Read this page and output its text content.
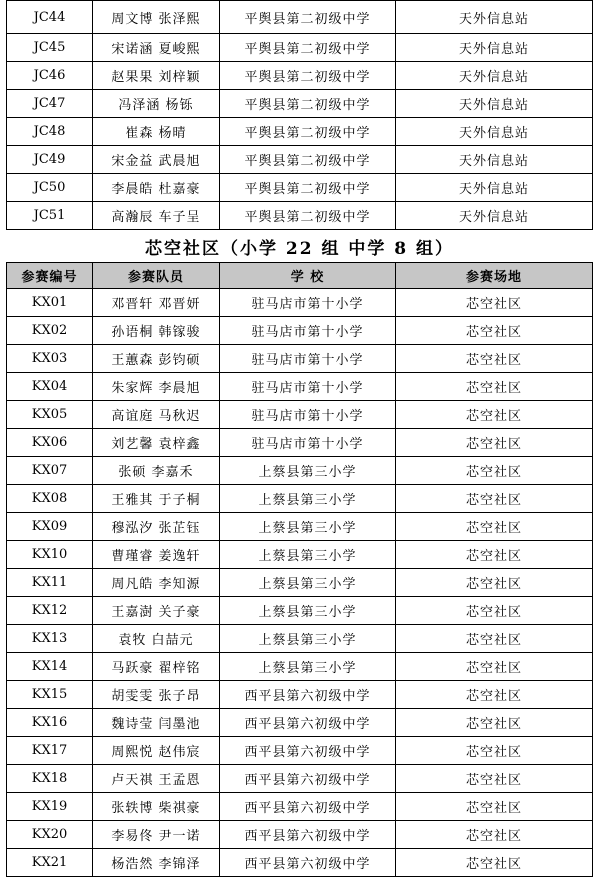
JC44	周文博 张泽熙	平舆县第二初级中学	天外信息站
JC45	宋诺涵 夏峻熙	平舆县第二初级中学	天外信息站
JC46	赵果果 刘梓颖	平舆县第二初级中学	天外信息站
JC47	冯泽涵 杨铄	平舆县第二初级中学	天外信息站
JC48	崔森 杨晴	平舆县第二初级中学	天外信息站
JC49	宋金益 武晨旭	平舆县第二初级中学	天外信息站
JC50	李晨皓 杜嘉豪	平舆县第二初级中学	天外信息站
JC51	高瀚辰 车子呈	平舆县第二初级中学	天外信息站
芯空社区（小学 22 组 中学 8 组）			
参赛编号	参赛队员	学 校	参赛场地
KX01	邓晋轩 邓晋妍	驻马店市第十小学	芯空社区
KX02	孙语桐 韩镓骏	驻马店市第十小学	芯空社区
KX03	王蕙森 彭钧硕	驻马店市第十小学	芯空社区
KX04	朱家辉 李晨旭	驻马店市第十小学	芯空社区
KX05	高谊庭 马秋迟	驻马店市第十小学	芯空社区
KX06	刘艺馨 袁梓鑫	驻马店市第十小学	芯空社区
KX07	张硕 李嘉禾	上蔡县第三小学	芯空社区
KX08	王雅其 于子桐	上蔡县第三小学	芯空社区
KX09	穆泓汐 张芷钰	上蔡县第三小学	芯空社区
KX10	曹瑾睿 姜逸轩	上蔡县第三小学	芯空社区
KX11	周凡皓 李知源	上蔡县第三小学	芯空社区
KX12	王嘉澍 关子豪	上蔡县第三小学	芯空社区
KX13	袁牧 白喆元	上蔡县第三小学	芯空社区
KX14	马跃豪 翟梓铭	上蔡县第三小学	芯空社区
KX15	胡雯雯 张子昂	西平县第六初级中学	芯空社区
KX16	魏诗莹 闫墨池	西平县第六初级中学	芯空社区
KX17	周熙悦 赵伟宸	西平县第六初级中学	芯空社区
KX18	卢天祺 王孟恩	西平县第六初级中学	芯空社区
KX19	张轶博 柴祺豪	西平县第六初级中学	芯空社区
KX20	李易佟 尹一诺	西平县第六初级中学	芯空社区
KX21	杨浩然 李锦泽	西平县第六初级中学	芯空社区
